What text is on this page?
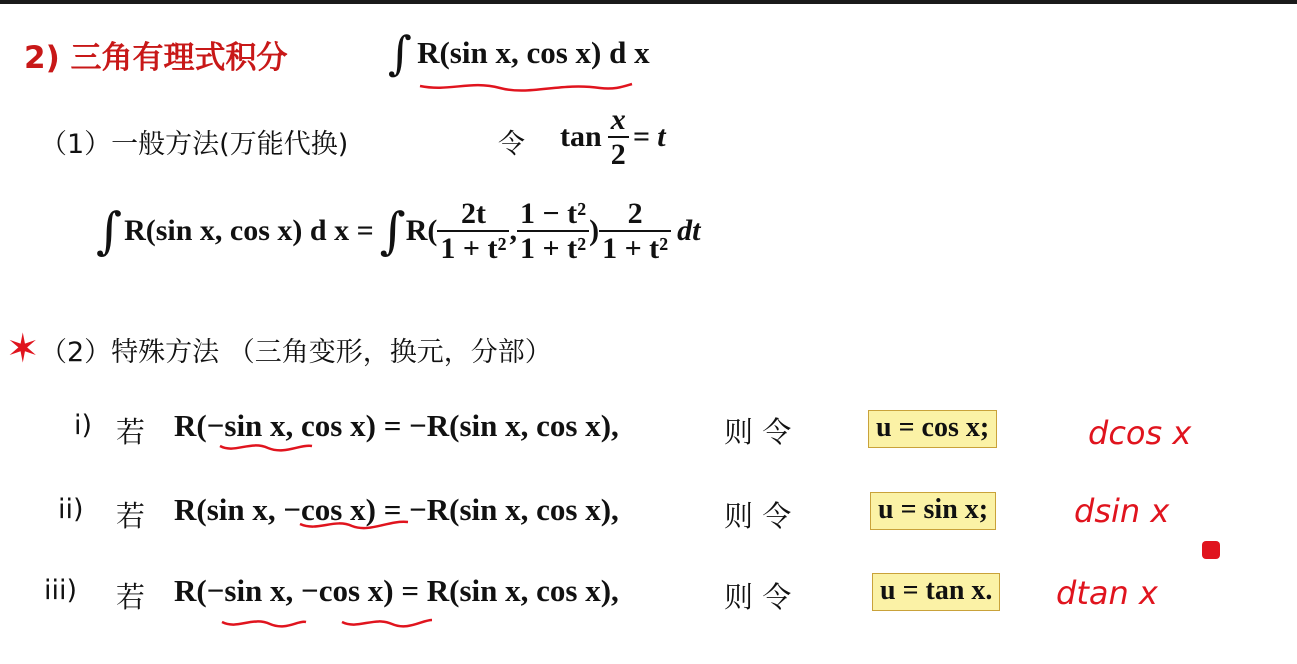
2) 三角有理式积分 ∫ R(sin x, cos x) d x
（1）一般方法(万能代换)	令 $\tan \frac{x}{2} = t$
∫ R(sin x, cos x) d x = ∫ $R( \frac{2t}{\text{1 + t²}}$ , $\frac{\text{1 − t²}}{\text{1 + t²}}$ ) $\frac{2}{\text{1 + t²}}$ dt
✶ （2）特殊方法 （三角变形，换元，分部）
i) 若 R(−sin x, cos x) = −R(sin x, cos x),	则 令	u = cos x;	dcos x
ii) 若 R(sin x, −cos x) = −R(sin x, cos x),	则 令	u = sin x;	dsin x
iii) 若 R(−sin x, −cos x) = R(sin x, cos x),	则 令	u = tan x. dtan x
